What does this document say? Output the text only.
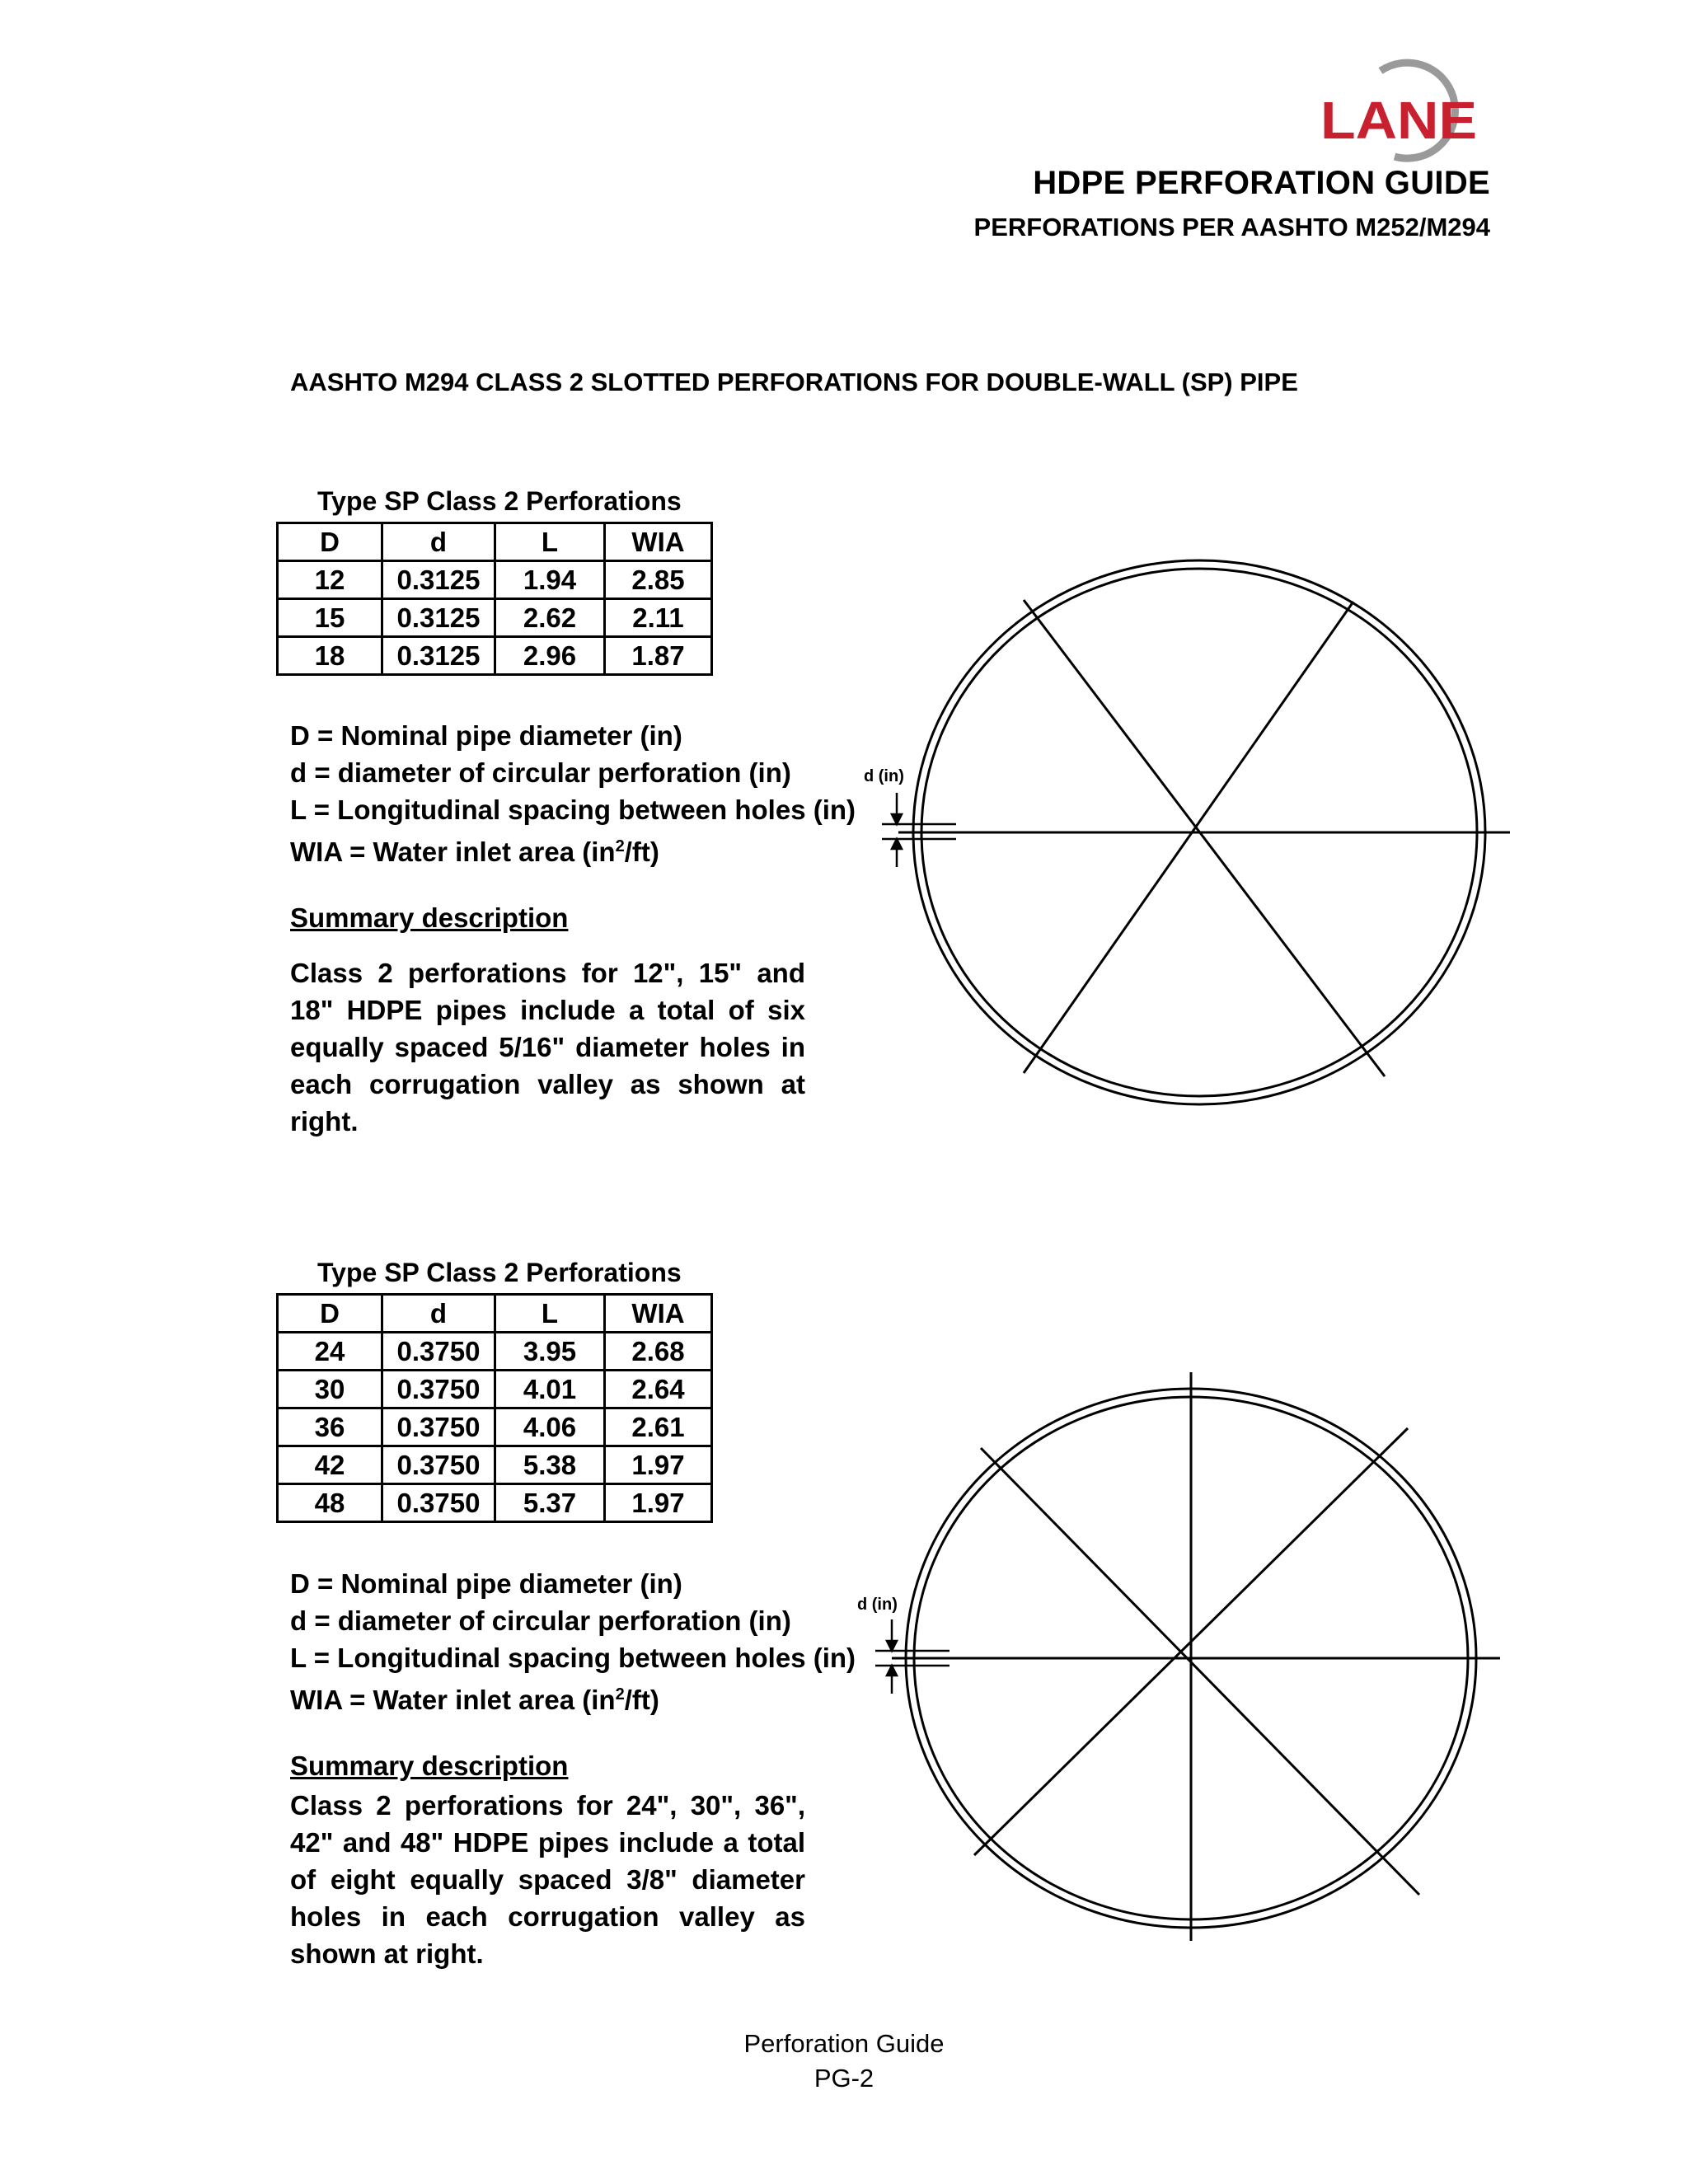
LANE
HDPE PERFORATION GUIDE
PERFORATIONS PER AASHTO M252/M294
AASHTO M294 CLASS 2 SLOTTED PERFORATIONS FOR DOUBLE-WALL (SP) PIPE
Type SP Class 2 Perforations
D	d	L	WIA
12	0.3125	1.94	2.85
15	0.3125	2.62	2.11
18	0.3125	2.96	1.87
D = Nominal pipe diameter (in)
d = diameter of circular perforation (in)
L = Longitudinal spacing between holes (in)
WIA = Water inlet area $(in^2/ft)$
Summary description
Class 2 perforations for 12", 15" and 18" HDPE pipes include a total of six equally spaced 5/16" diameter holes in each corrugation valley as shown at right.
d (in)
Type SP Class 2 Perforations
D	d	L	WIA
24	0.3750	3.95	2.68
30	0.3750	4.01	2.64
36	0.3750	4.06	2.61
42	0.3750	5.38	1.97
48	0.3750	5.37	1.97
D = Nominal pipe diameter (in)
d = diameter of circular perforation (in)
L = Longitudinal spacing between holes (in)
WIA = Water inlet area $(in^2/ft)$
Summary description
Class 2 perforations for 24", 30", 36", 42" and 48" HDPE pipes include a total of eight equally spaced 3/8" diameter holes in each corrugation valley as shown at right.
d (in)
Perforation Guide
PG-2
